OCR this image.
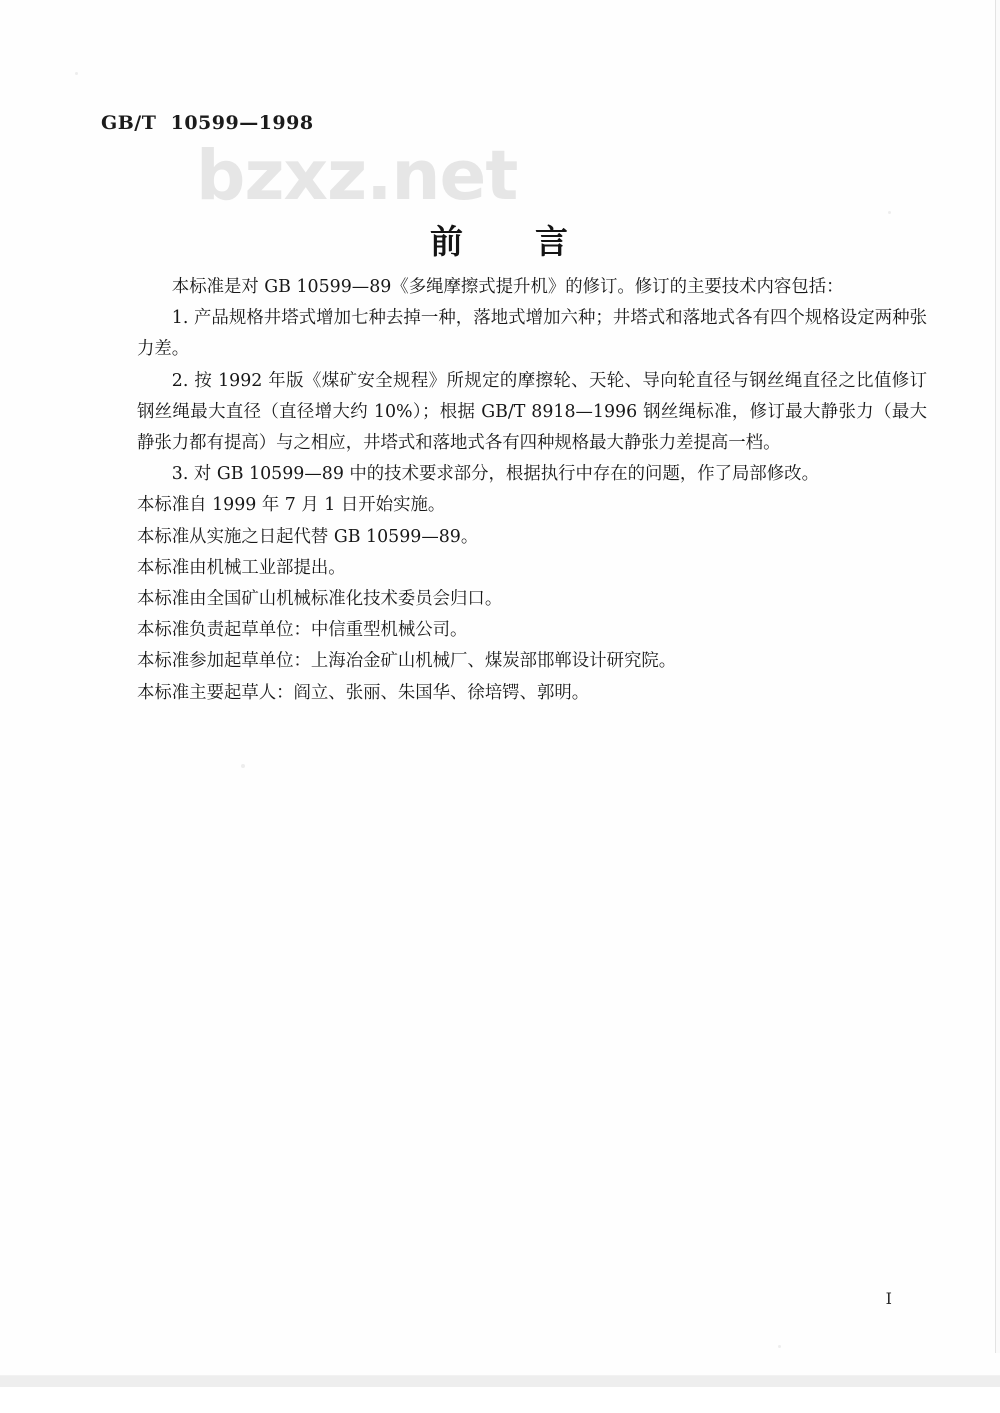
GB/T  10599—1998
bzxz.net
前　　言

本标准是对 GB 10599—89《多绳摩擦式提升机》的修订。修订的主要技术内容包括：

1. 产品规格井塔式增加七种去掉一种，落地式增加六种；井塔式和落地式各有四个规格设定两种张力差。

2. 按 1992 年版《煤矿安全规程》所规定的摩擦轮、天轮、导向轮直径与钢丝绳直径之比值修订钢丝绳最大直径（直径增大约 10%）；根据 GB/T 8918—1996 钢丝绳标准，修订最大静张力（最大静张力都有提高）与之相应，井塔式和落地式各有四种规格最大静张力差提高一档。

3. 对 GB 10599—89 中的技术要求部分，根据执行中存在的问题，作了局部修改。

本标准自 1999 年 7 月 1 日开始实施。

本标准从实施之日起代替 GB 10599—89。

本标准由机械工业部提出。

本标准由全国矿山机械标准化技术委员会归口。

本标准负责起草单位：中信重型机械公司。

本标准参加起草单位：上海冶金矿山机械厂、煤炭部邯郸设计研究院。

本标准主要起草人：阎立、张丽、朱国华、徐培锷、郭明。

I
